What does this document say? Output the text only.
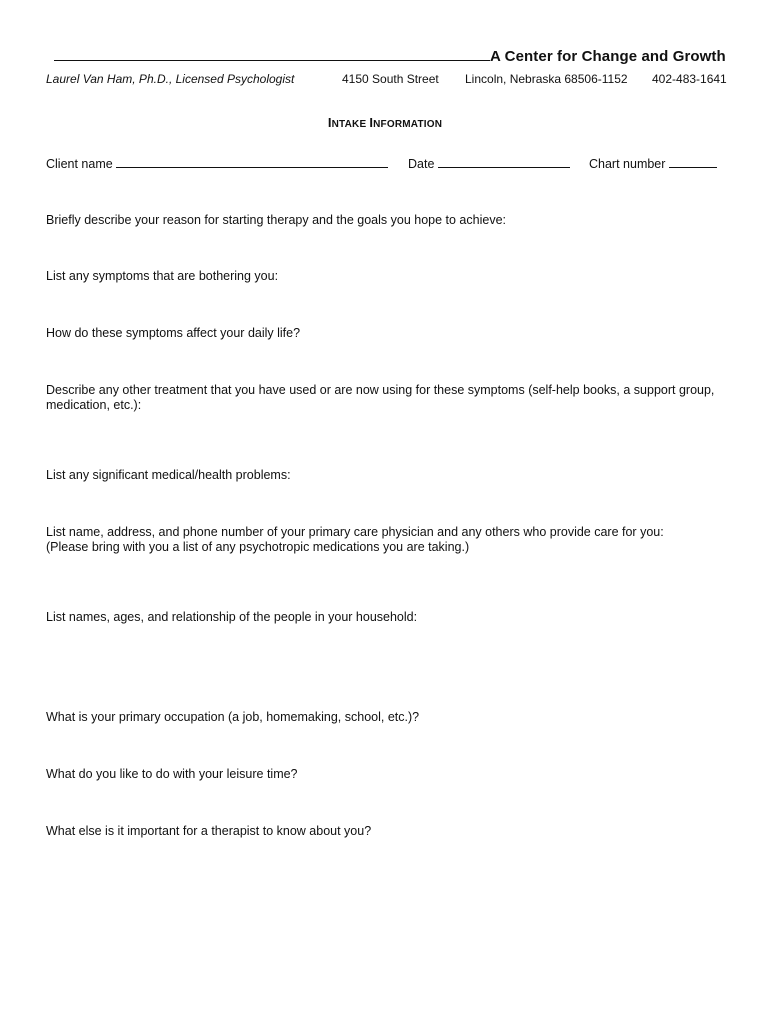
A Center for Change and Growth
Laurel Van Ham, Ph.D., Licensed Psychologist	4150 South Street Lincoln, Nebraska 68506-1152 402-483-1641
INTAKE INFORMATION
Client name	Date	Chart number
Briefly describe your reason for starting therapy and the goals you hope to achieve:
List any symptoms that are bothering you:
How do these symptoms affect your daily life?
Describe any other treatment that you have used or are now using for these symptoms (self-help books, a support group,
medication, etc.):
List any significant medical/health problems:
List name, address, and phone number of your primary care physician and any others who provide care for you:
(Please bring with you a list of any psychotropic medications you are taking.)
List names, ages, and relationship of the people in your household:
What is your primary occupation (a job, homemaking, school, etc.)?
What do you like to do with your leisure time?
What else is it important for a therapist to know about you?
